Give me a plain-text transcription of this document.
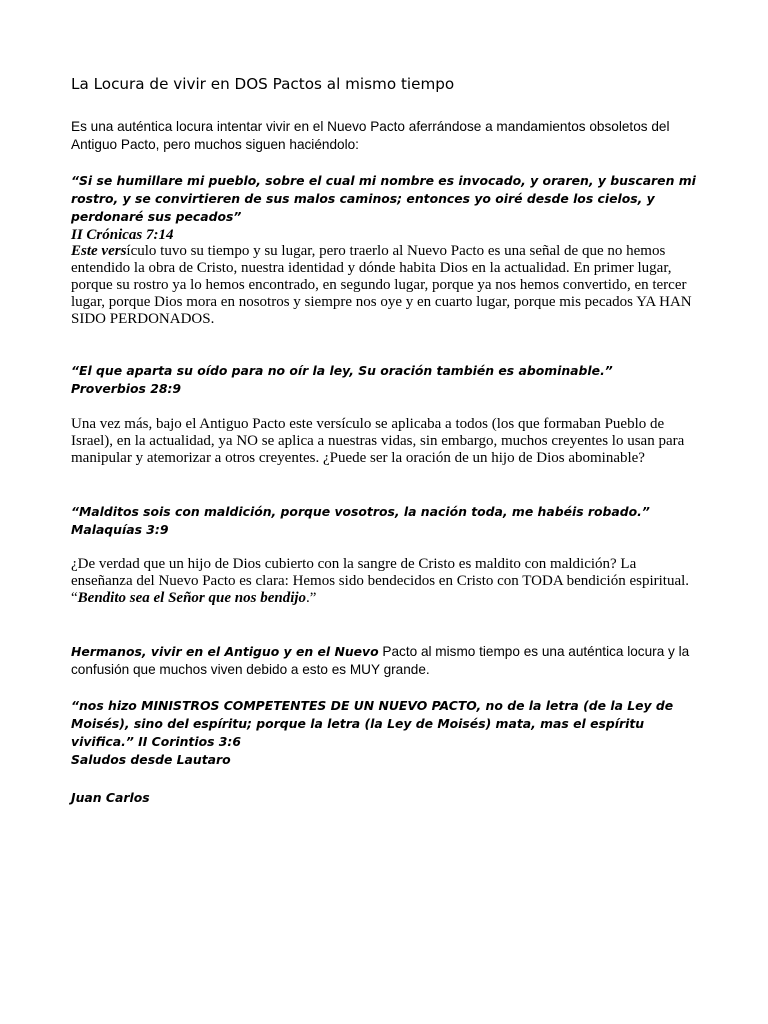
La Locura de vivir en DOS Pactos al mismo tiempo

Es una auténtica locura intentar vivir en el Nuevo Pacto aferrándose a mandamientos obsoletos del Antiguo Pacto, pero muchos siguen haciéndolo:

“Si se humillare mi pueblo, sobre el cual mi nombre es invocado, y oraren, y buscaren mi rostro, y se convirtieren de sus malos caminos; entonces yo oiré desde los cielos, y perdonaré sus pecados”
II Crónicas 7:14

Este versículo tuvo su tiempo y su lugar, pero traerlo al Nuevo Pacto es una señal de que no hemos entendido la obra de Cristo, nuestra identidad y dónde habita Dios en la actualidad. En primer lugar, porque su rostro ya lo hemos encontrado, en segundo lugar, porque ya nos hemos convertido, en tercer lugar, porque Dios mora en nosotros y siempre nos oye y en cuarto lugar, porque mis pecados YA HAN SIDO PERDONADOS.

“El que aparta su oído para no oír la ley, Su oración también es abominable.”
Proverbios 28:9

Una vez más, bajo el Antiguo Pacto este versículo se aplicaba a todos (los que formaban Pueblo de Israel), en la actualidad, ya NO se aplica a nuestras vidas, sin embargo, muchos creyentes lo usan para manipular y atemorizar a otros creyentes. ¿Puede ser la oración de un hijo de Dios abominable?

“Malditos sois con maldición, porque vosotros, la nación toda, me habéis robado.”
Malaquías 3:9

¿De verdad que un hijo de Dios cubierto con la sangre de Cristo es maldito con maldición? La enseñanza del Nuevo Pacto es clara: Hemos sido bendecidos en Cristo con TODA bendición espiritual. “Bendito sea el Señor que nos bendijo.”

Hermanos, vivir en el Antiguo y en el Nuevo Pacto al mismo tiempo es una auténtica locura y la confusión que muchos viven debido a esto es MUY grande.

“nos hizo MINISTROS COMPETENTES DE UN NUEVO PACTO, no de la letra (de la Ley de Moisés), sino del espíritu; porque la letra (la Ley de Moisés) mata, mas el espíritu vivifica.” II Corintios 3:6

Saludos desde Lautaro

Juan Carlos
